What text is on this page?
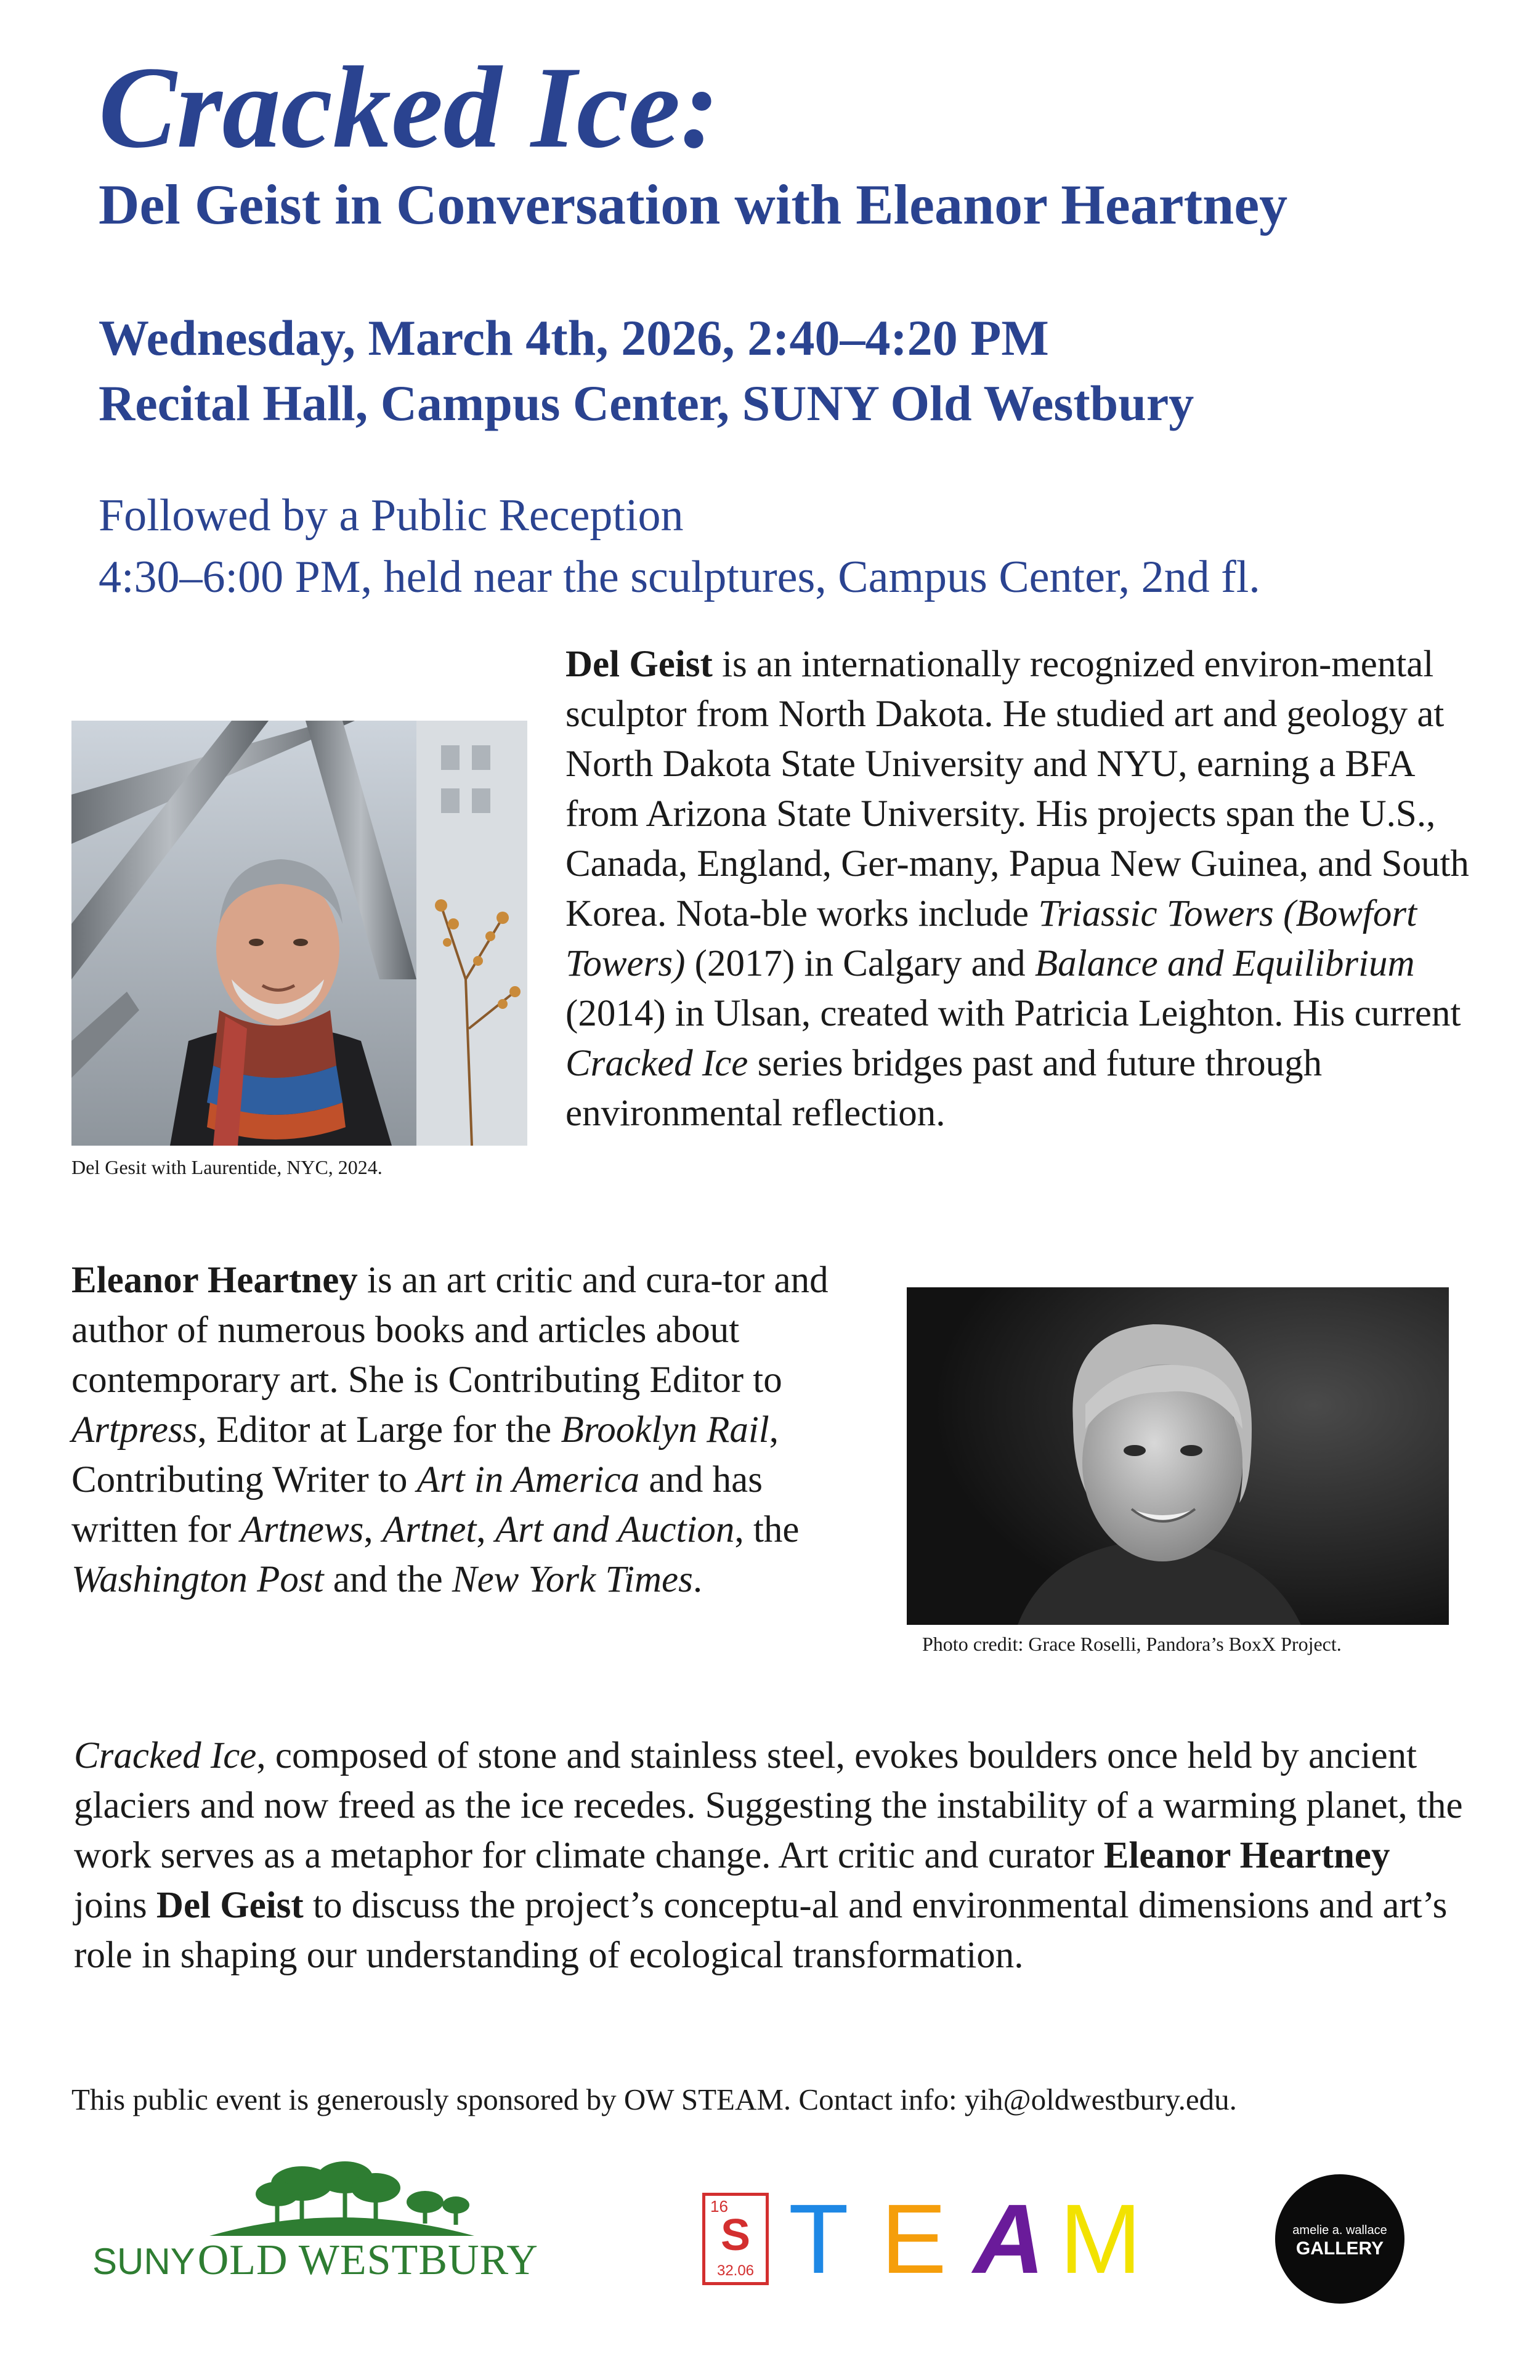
Cracked Ice:
Del Geist in Conversation with Eleanor Heartney
Wednesday, March 4th, 2026, 2:40–4:20 PM
Recital Hall, Campus Center, SUNY Old Westbury
Followed by a Public Reception
4:30–6:00 PM, held near the sculptures, Campus Center, 2nd fl.
Del Gesit with Laurentide, NYC, 2024.

Del Geist is an internationally recognized environ-mental sculptor from North Dakota. He studied art and geology at North Dakota State University and NYU, earning a BFA from Arizona State University. His projects span the U.S., Canada, England, Ger-many, Papua New Guinea, and South Korea. Nota-ble works include Triassic Towers (Bowfort Towers) (2017) in Calgary and Balance and Equilibrium (2014) in Ulsan, created with Patricia Leighton. His current Cracked Ice series bridges past and future through environmental reflection.

Eleanor Heartney is an art critic and cura-tor and author of numerous books and articles about contemporary art. She is Contributing Editor to Artpress, Editor at Large for the Brooklyn Rail, Contributing Writer to Art in America and has written for Artnews, Artnet, Art and Auction, the Washington Post and the New York Times.

Photo credit: Grace Roselli, Pandora’s BoxX Project.

Cracked Ice, composed of stone and stainless steel, evokes boulders once held by ancient glaciers and now freed as the ice recedes. Suggesting the instability of a warming planet, the work serves as a metaphor for climate change. Art critic and curator Eleanor Heartney joins Del Geist to discuss the project’s conceptu-al and environmental dimensions and art’s role in shaping our understanding of ecological transformation.

This public event is generously sponsored by OW STEAM. Contact info: yih@oldwestbury.edu.
SUNY OLD WESTBURY
16
S
32.06 T E A M	amelie a. wallace
GALLERY
